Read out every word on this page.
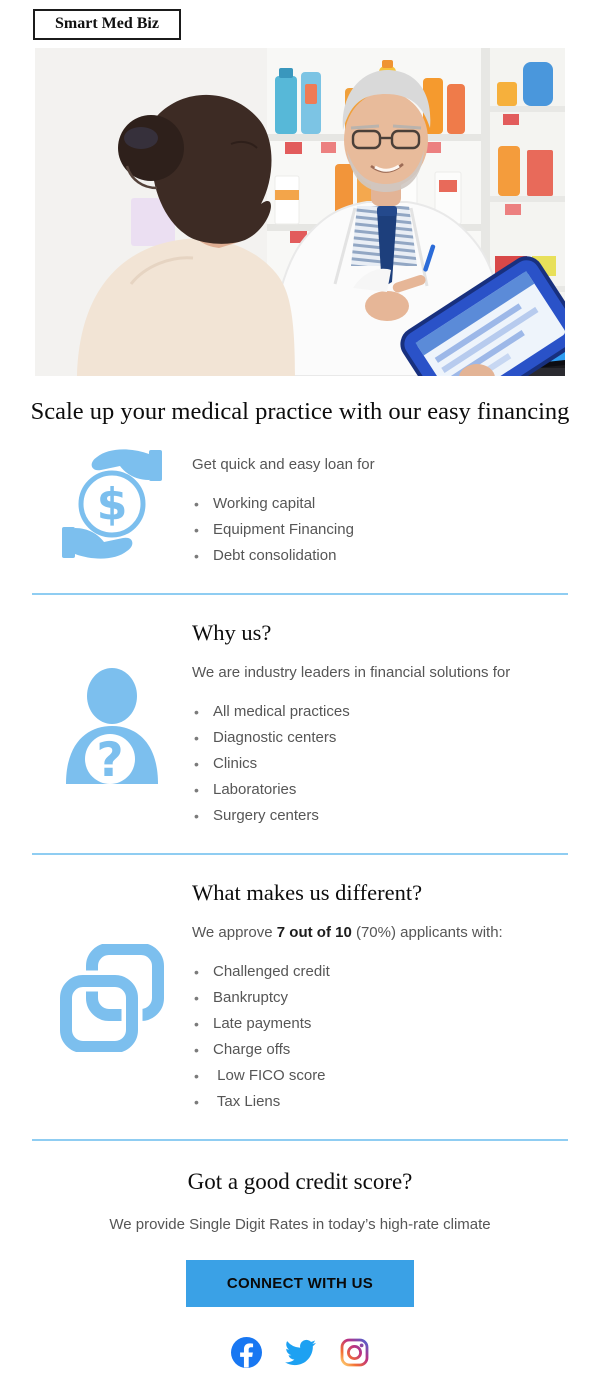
Smart Med Biz
Scale up your medical practice with our easy financing
$

Get quick and easy loan for

• Working capital
• Equipment Financing
• Debt consolidation
?
Why us?

We are industry leaders in financial solutions for

• All medical practices
• Diagnostic centers
• Clinics
• Laboratories
• Surgery centers
What makes us different?

We approve 7 out of 10 (70%) applicants with:

• Challenged credit
• Bankruptcy
• Late payments
• Charge offs
•  Low FICO score
•  Tax Liens
Got a good credit score?

We provide Single Digit Rates in today’s high-rate climate

CONNECT WITH US
